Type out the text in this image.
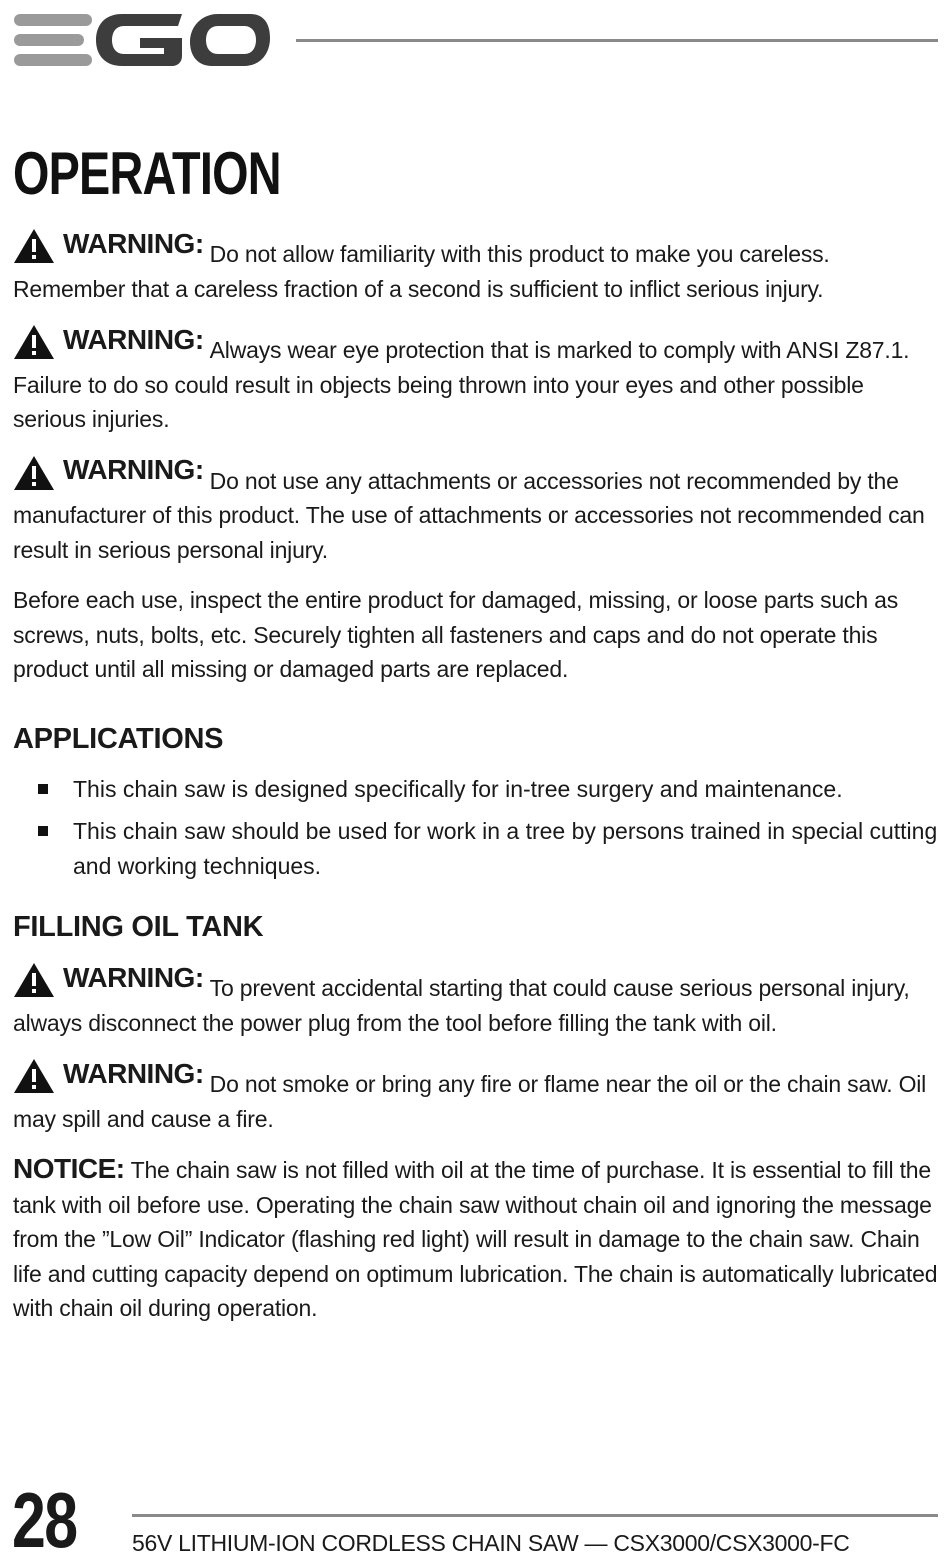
OPERATION

WARNING: Do not allow familiarity with this product to make you careless. Remember that a careless fraction of a second is sufficient to inflict serious injury.

WARNING: Always wear eye protection that is marked to comply with ANSI Z87.1. Failure to do so could result in objects being thrown into your eyes and other possible serious injuries.

WARNING: Do not use any attachments or accessories not recommended by the manufacturer of this product. The use of attachments or accessories not recommended can result in serious personal injury.

Before each use, inspect the entire product for damaged, missing, or loose parts such as screws, nuts, bolts, etc. Securely tighten all fasteners and caps and do not operate this product until all missing or damaged parts are replaced.

APPLICATIONS
This chain saw is designed specifically for in-tree surgery and maintenance.
This chain saw should be used for work in a tree by persons trained in special cutting and working techniques.
FILLING OIL TANK

WARNING: To prevent accidental starting that could cause serious personal injury, always disconnect the power plug from the tool before filling the tank with oil.

WARNING: Do not smoke or bring any fire or flame near the oil or the chain saw. Oil may spill and cause a fire.

NOTICE: The chain saw is not filled with oil at the time of purchase. It is essential to fill the tank with oil before use. Operating the chain saw without chain oil and ignoring the message from the ”Low Oil” Indicator (flashing red light) will result in damage to the chain saw. Chain life and cutting capacity depend on optimum lubrication. The chain is automatically lubricated with chain oil during operation.

28 56V LITHIUM-ION CORDLESS CHAIN SAW — CSX3000/CSX3000-FC
